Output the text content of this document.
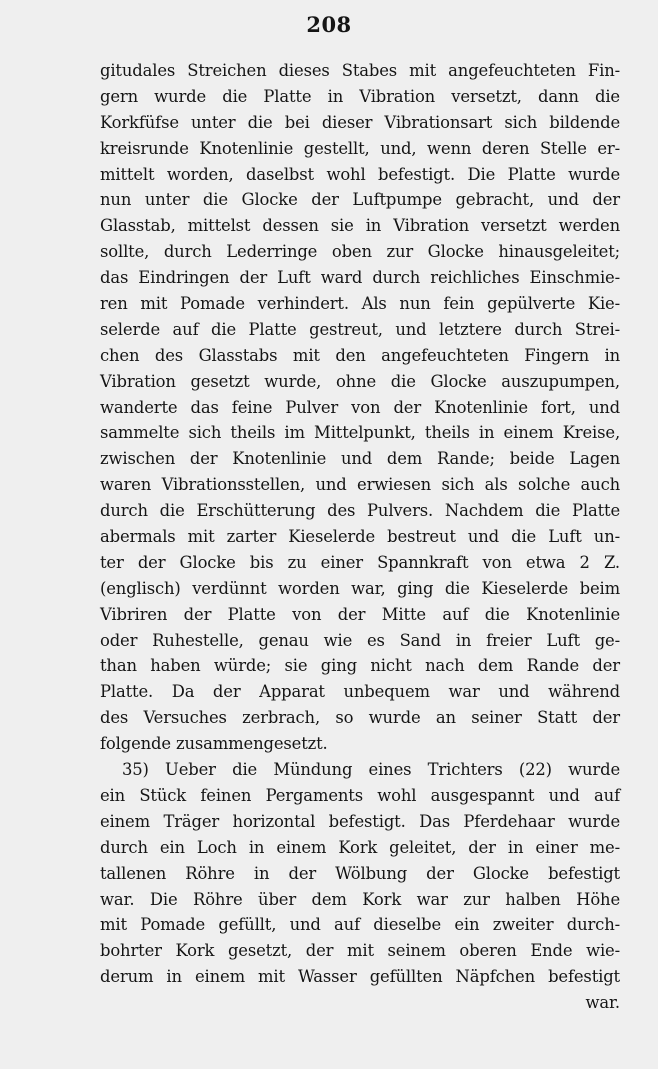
208
gitudales Streichen dieses Stabes mit angefeuchteten Fin-
gern wurde die Platte in Vibration versetzt, dann die
Korkfüfse unter die bei dieser Vibrationsart sich bildende
kreisrunde Knotenlinie gestellt, und, wenn deren Stelle er-
mittelt worden, daselbst wohl befestigt. Die Platte wurde
nun unter die Glocke der Luftpumpe gebracht, und der
Glasstab, mittelst dessen sie in Vibration versetzt werden
sollte, durch Lederringe oben zur Glocke hinausgeleitet;
das Eindringen der Luft ward durch reichliches Einschmie-
ren mit Pomade verhindert. Als nun fein gepülverte Kie-
selerde auf die Platte gestreut, und letztere durch Strei-
chen des Glasstabs mit den angefeuchteten Fingern in
Vibration gesetzt wurde, ohne die Glocke auszupumpen,
wanderte das feine Pulver von der Knotenlinie fort, und
sammelte sich theils im Mittelpunkt, theils in einem Kreise,
zwischen der Knotenlinie und dem Rande; beide Lagen
waren Vibrationsstellen, und erwiesen sich als solche auch
durch die Erschütterung des Pulvers. Nachdem die Platte
abermals mit zarter Kieselerde bestreut und die Luft un-
ter der Glocke bis zu einer Spannkraft von etwa 2 Z.
(englisch) verdünnt worden war, ging die Kieselerde beim
Vibriren der Platte von der Mitte auf die Knotenlinie
oder Ruhestelle, genau wie es Sand in freier Luft ge-
than haben würde; sie ging nicht nach dem Rande der
Platte. Da der Apparat unbequem war und während
des Versuches zerbrach, so wurde an seiner Statt der
folgende zusammengesetzt.
35) Ueber die Mündung eines Trichters (22) wurde
ein Stück feinen Pergaments wohl ausgespannt und auf
einem Träger horizontal befestigt. Das Pferdehaar wurde
durch ein Loch in einem Kork geleitet, der in einer me-
tallenen Röhre in der Wölbung der Glocke befestigt
war. Die Röhre über dem Kork war zur halben Höhe
mit Pomade gefüllt, und auf dieselbe ein zweiter durch-
bohrter Kork gesetzt, der mit seinem oberen Ende wie-
derum in einem mit Wasser gefüllten Näpfchen befestigt
war.
